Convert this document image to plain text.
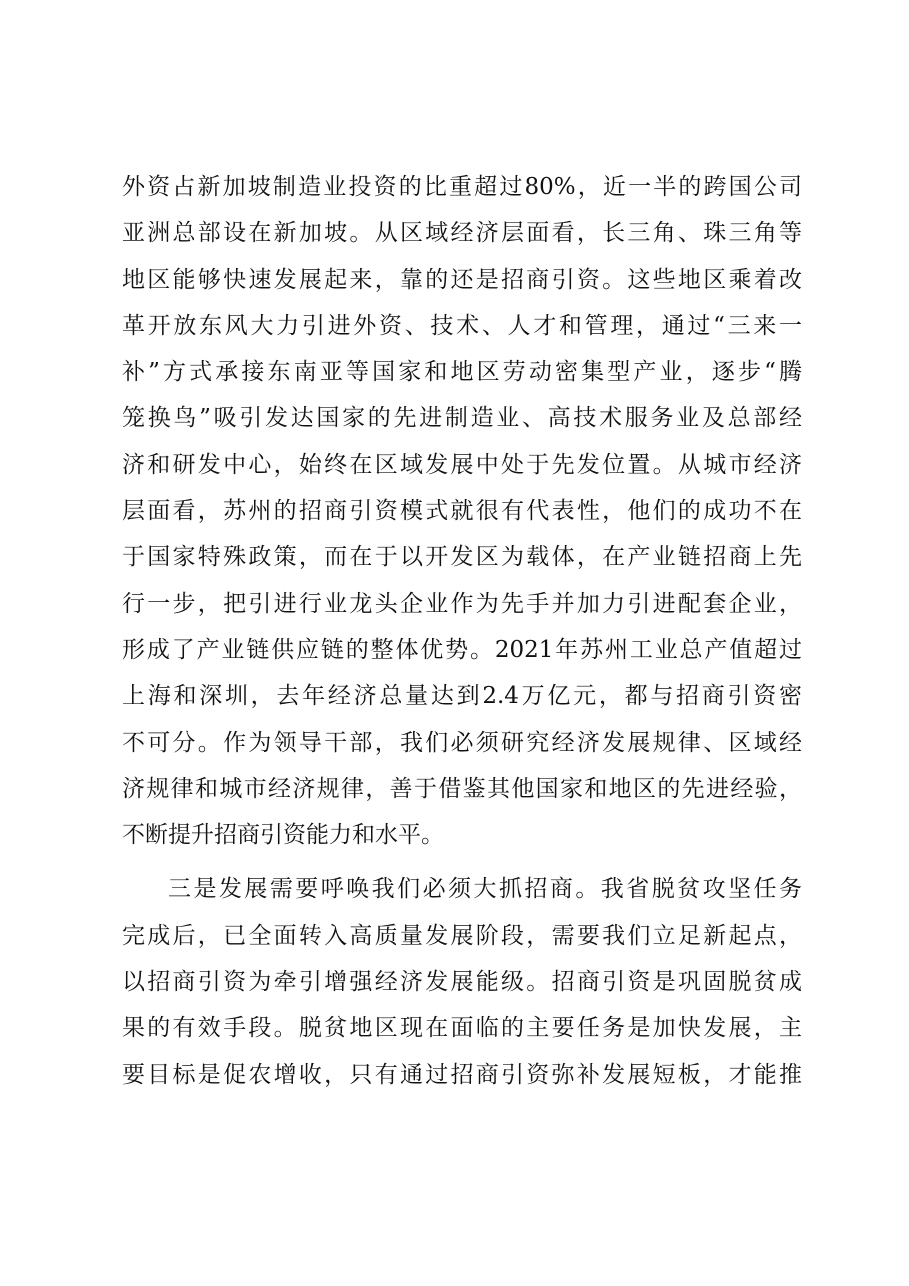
外资占新加坡制造业投资的比重超过80%，近一半的跨国公司
亚洲总部设在新加坡。从区域经济层面看，长三角、珠三角等
地区能够快速发展起来，靠的还是招商引资。这些地区乘着改
革开放东风大力引进外资、技术、人才和管理，通过“三来一
补”方式承接东南亚等国家和地区劳动密集型产业，逐步“腾
笼换鸟”吸引发达国家的先进制造业、高技术服务业及总部经
济和研发中心，始终在区域发展中处于先发位置。从城市经济
层面看，苏州的招商引资模式就很有代表性，他们的成功不在
于国家特殊政策，而在于以开发区为载体，在产业链招商上先
行一步，把引进行业龙头企业作为先手并加力引进配套企业，
形成了产业链供应链的整体优势。2021年苏州工业总产值超过
上海和深圳，去年经济总量达到2.4万亿元，都与招商引资密
不可分。作为领导干部，我们必须研究经济发展规律、区域经
济规律和城市经济规律，善于借鉴其他国家和地区的先进经验，
不断提升招商引资能力和水平。
三是发展需要呼唤我们必须大抓招商。我省脱贫攻坚任务
完成后，已全面转入高质量发展阶段，需要我们立足新起点，
以招商引资为牵引增强经济发展能级。招商引资是巩固脱贫成
果的有效手段。脱贫地区现在面临的主要任务是加快发展，主
要目标是促农增收，只有通过招商引资弥补发展短板，才能推
